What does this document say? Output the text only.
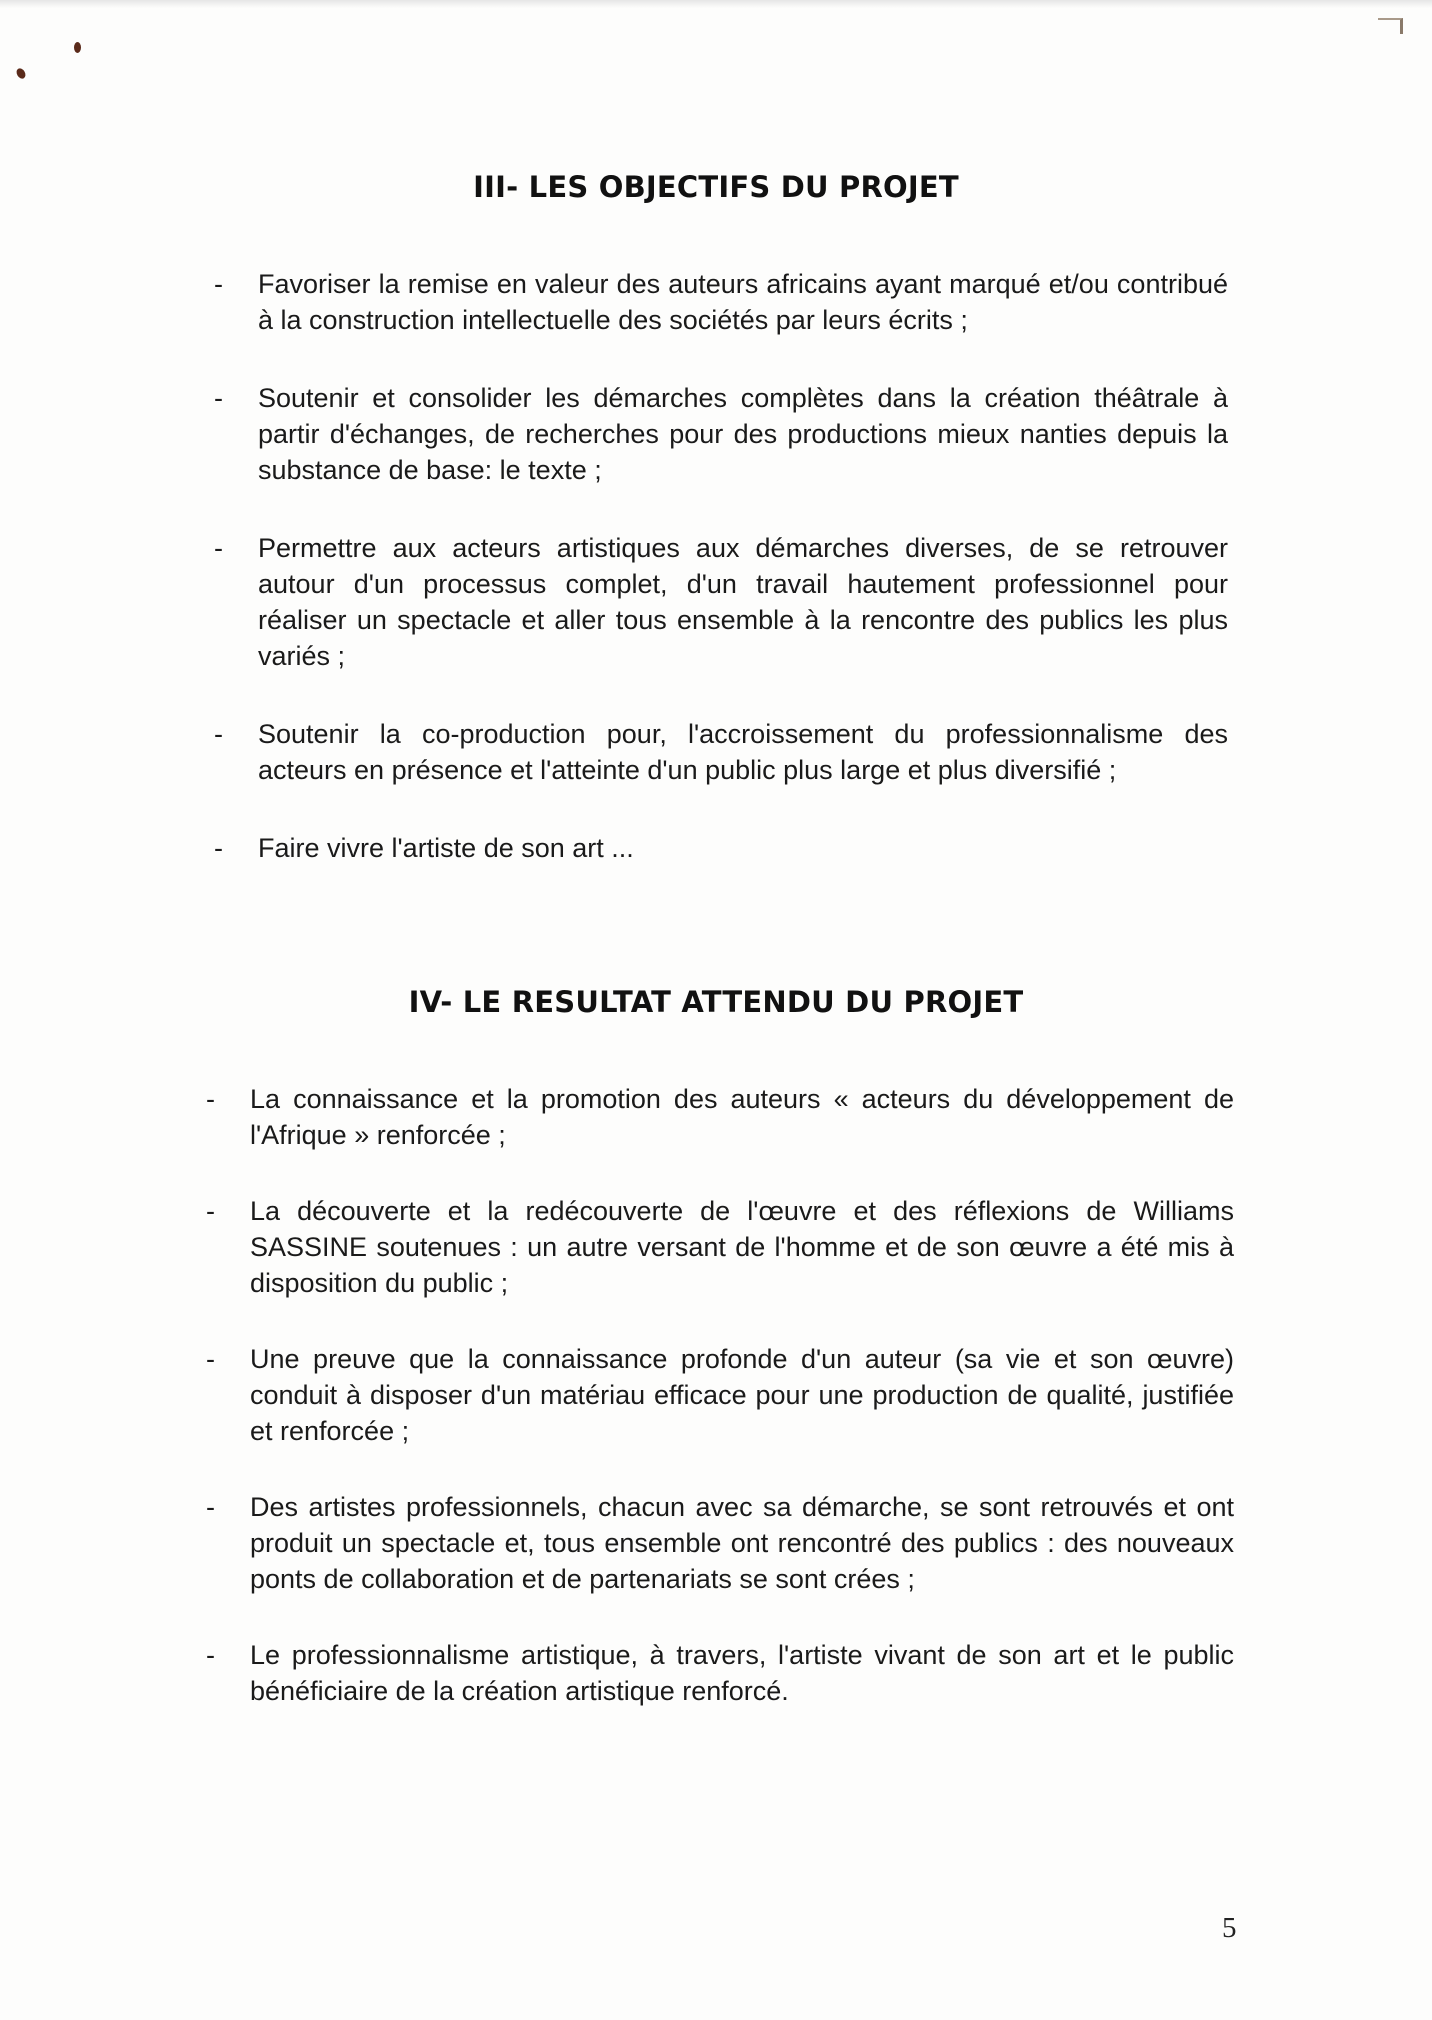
III- LES OBJECTIFS DU PROJET
- Favoriser la remise en valeur des auteurs africains ayant marqué et/ou contribué à la construction intellectuelle des sociétés par leurs écrits ;
- Soutenir et consolider les démarches complètes dans la création théâtrale à partir d'échanges, de recherches pour des productions mieux nanties depuis la substance de base: le texte ;
- Permettre aux acteurs artistiques aux démarches diverses, de se retrouver autour d'un processus complet, d'un travail hautement professionnel pour réaliser un spectacle et aller tous ensemble à la rencontre des publics les plus variés ;
- Soutenir la co-production pour, l'accroissement du professionnalisme des acteurs en présence et l'atteinte d'un public plus large et plus diversifié ;
- Faire vivre l'artiste de son art ...
IV- LE RESULTAT ATTENDU DU PROJET
- La connaissance et la promotion des auteurs « acteurs du développement de l'Afrique » renforcée ;
- La découverte et la redécouverte de l'œuvre et des réflexions de Williams SASSINE soutenues : un autre versant de l'homme et de son œuvre a été mis à disposition du public ;
- Une preuve que la connaissance profonde d'un auteur (sa vie et son œuvre) conduit à disposer d'un matériau efficace pour une production de qualité, justifiée et renforcée ;
- Des artistes professionnels, chacun avec sa démarche, se sont retrouvés et ont produit un spectacle et, tous ensemble ont rencontré des publics : des nouveaux ponts de collaboration et de partenariats se sont crées ;
- Le professionnalisme artistique, à travers, l'artiste vivant de son art et le public bénéficiaire de la création artistique renforcé.
5
